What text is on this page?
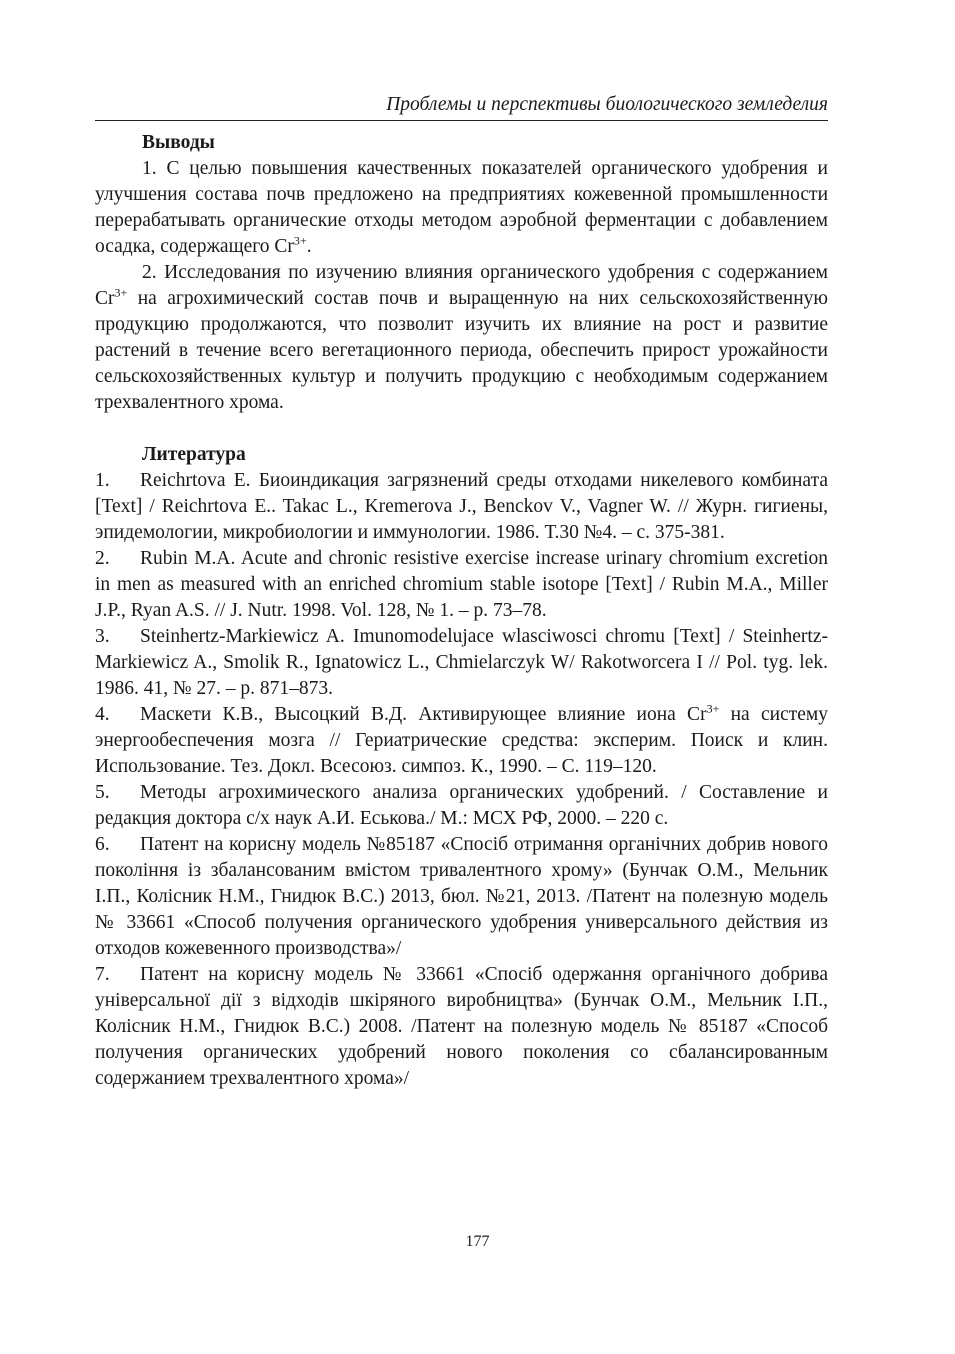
Проблемы и перспективы биологического земледелия

Выводы

1. С целью повышения качественных показателей органического удобрения и улучшения состава почв предложено на предприятиях кожевенной промышленности перерабатывать органические отходы методом аэробной ферментации с добавлением осадка, содержащего $Cr^{3+}$.

2. Исследования по изучению влияния органического удобрения с содержанием $Cr^{3+}$ на агрохимический состав почв и выращенную на них сельскохозяйственную продукцию продолжаются, что позволит изучить их влияние на рост и развитие растений в течение всего вегетационного периода, обеспечить прирост урожайности сельскохозяйственных культур и получить продукцию с необходимым содержанием трехвалентного хрома.

Литература

1. Reichrtova E. Биоиндикация загрязнений среды отходами никелевого комбината [Text] / Reichrtova E.. Takac L., Kremerova J., Benckov V., Vagner W. // Журн. гигиены, эпидемологии, микробиологии и иммунологии. 1986. Т.30 №4. – с. 375-381.

2. Rubin M.A. Acute and chronic resistive exercise increase urinary chromium excretion in men as measured with an enriched chromium stable isotope [Text] / Rubin M.A., Miller J.P., Ryan A.S. // J. Nutr. 1998. Vol. 128, № 1. – p. 73–78.

3. Steinhertz-Markiewicz A. Imunomodelujace wlasciwosci chromu [Text] / Steinhertz-Markiewicz A., Smolik R., Ignatowicz L., Chmielarczyk W/ Rakotworcera I // Pol. tyg. lek. 1986. 41, № 27. – p. 871–873.

4. Маскети К.В., Высоцкий В.Д. Активирующее влияние иона $Cr^{3+}$ на систему энергообеспечения мозга // Гериатрические средства: эксперим. Поиск и клин. Использование. Тез. Докл. Всесоюз. симпоз. К., 1990. – С. 119–120.

5. Методы агрохимического анализа органических удобрений. / Составление и редакция доктора с/х наук А.И. Еськова./ М.: МСХ РФ, 2000. – 220 с.

6. Патент на корисну модель №85187 «Спосіб отримання органічних добрив нового покоління із збалансованим вмістом тривалентного хрому» (Бунчак О.М., Мельник І.П., Колісник Н.М., Гнидюк В.С.) 2013, бюл. №21, 2013. /Патент на полезную модель № 33661 «Способ получения органического удобрения универсального действия из отходов кожевенного производства»/

7. Патент на корисну модель № 33661 «Спосіб одержання органічного добрива універсальної дії з відходів шкіряного виробництва» (Бунчак О.М., Мельник І.П., Колісник Н.М., Гнидюк В.С.) 2008. /Патент на полезную модель № 85187 «Способ получения органических удобрений нового поколения со сбалансированным содержанием трехвалентного хрома»/

177
